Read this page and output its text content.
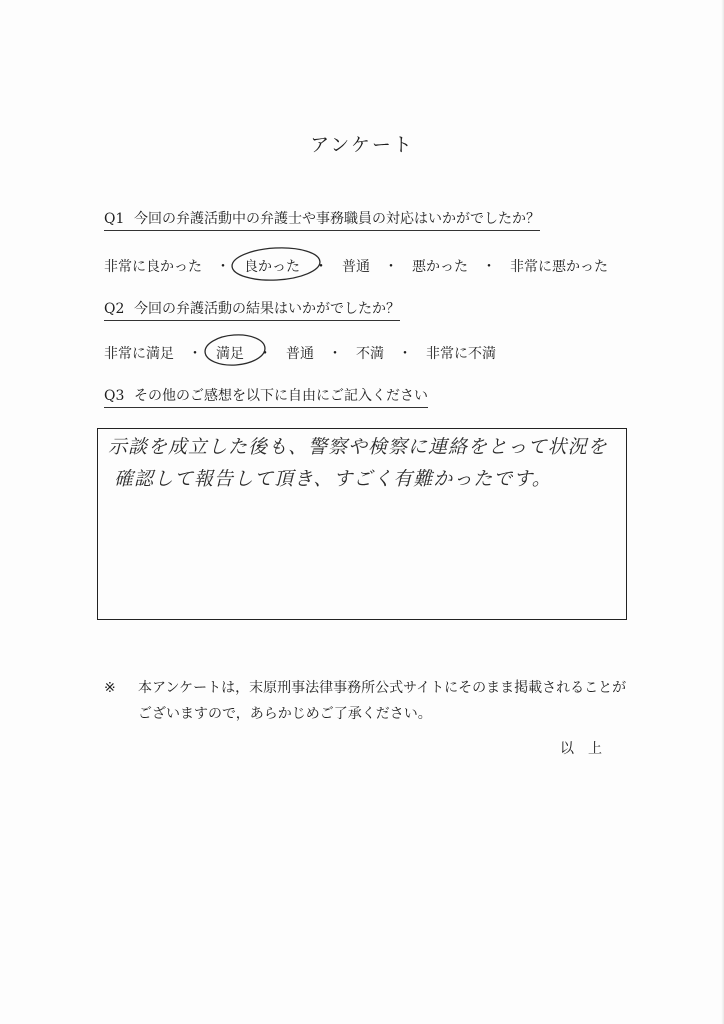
アンケート
Q1 今回の弁護活動中の弁護士や事務職員の対応はいかがでしたか？
非常に良かった ・ 良かった ・ 普通 ・ 悪かった ・ 非常に悪かった
Q2 今回の弁護活動の結果はいかがでしたか？
非常に満足 ・ 満足 ・ 普通 ・ 不満 ・ 非常に不満
Q3 その他のご感想を以下に自由にご記入ください
示談を成立した後も、警察や検察に連絡をとって状況を
確認して報告して頂き、すごく有難かったです。
※	本アンケートは，末原刑事法律事務所公式サイトにそのまま掲載されることがございますので，あらかじめご了承ください。
以上
